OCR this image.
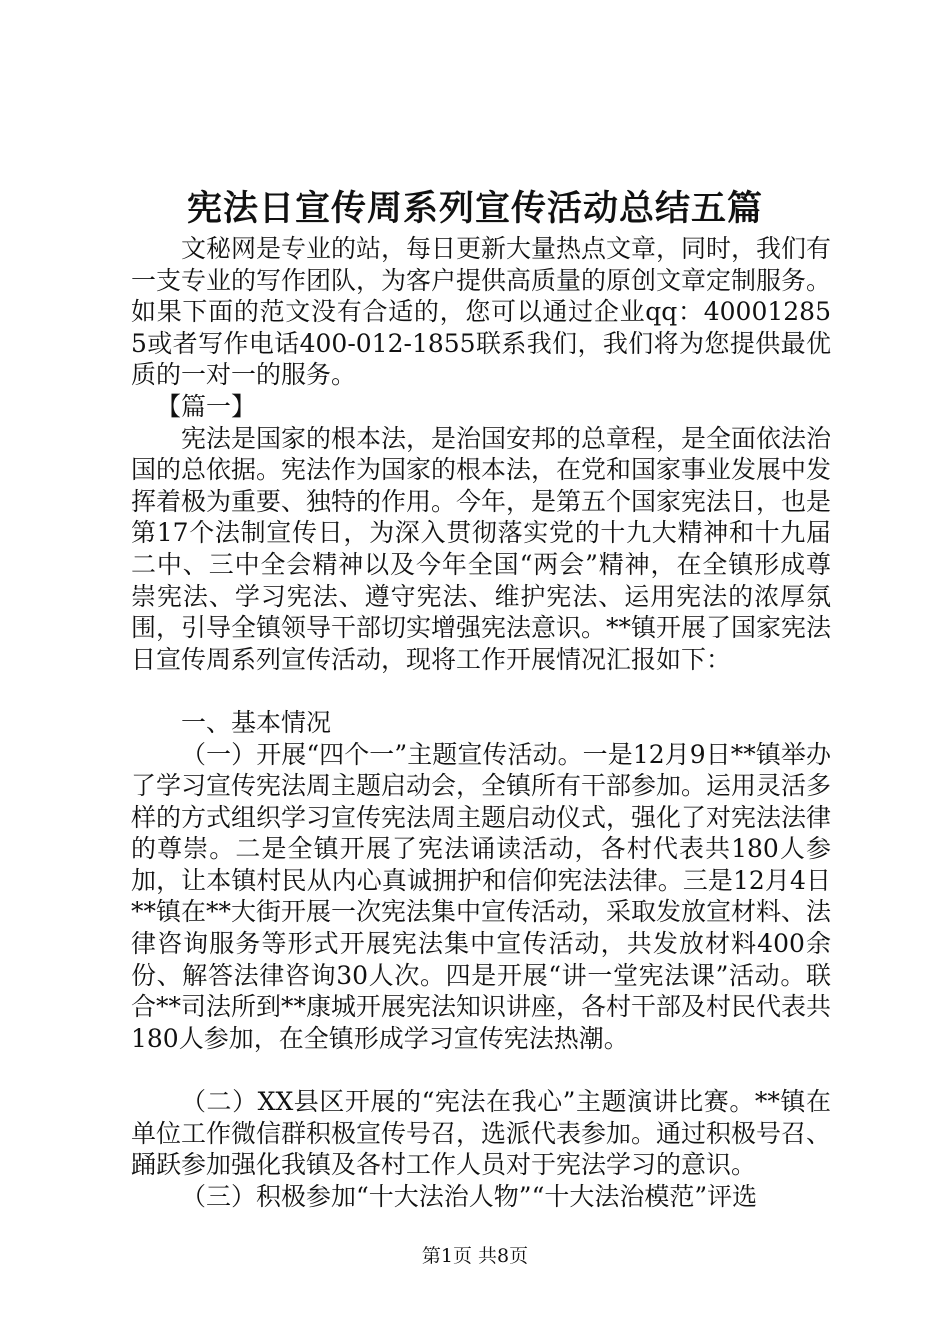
宪法日宣传周系列宣传活动总结五篇

文秘网是专业的站，每日更新大量热点文章，同时，我们有一支专业的写作团队，为客户提供高质量的原创文章定制服务。如果下面的范文没有合适的，您可以通过企业qq：400012855或者写作电话400-012-1855联系我们，我们将为您提供最优质的一对一的服务。

【篇一】

宪法是国家的根本法，是治国安邦的总章程，是全面依法治国的总依据。宪法作为国家的根本法，在党和国家事业发展中发挥着极为重要、独特的作用。今年，是第五个国家宪法日，也是第17个法制宣传日，为深入贯彻落实党的十九大精神和十九届二中、三中全会精神以及今年全国“两会”精神，在全镇形成尊崇宪法、学习宪法、遵守宪法、维护宪法、运用宪法的浓厚氛围，引导全镇领导干部切实增强宪法意识。**镇开展了国家宪法日宣传周系列宣传活动，现将工作开展情况汇报如下：

一、基本情况

（一）开展“四个一”主题宣传活动。一是12月9日**镇举办了学习宣传宪法周主题启动会，全镇所有干部参加。运用灵活多样的方式组织学习宣传宪法周主题启动仪式，强化了对宪法法律的尊崇。二是全镇开展了宪法诵读活动，各村代表共180人参加，让本镇村民从内心真诚拥护和信仰宪法法律。三是12月4日**镇在**大街开展一次宪法集中宣传活动，采取发放宣材料、法律咨询服务等形式开展宪法集中宣传活动，共发放材料400余份、解答法律咨询30人次。四是开展“讲一堂宪法课”活动。联合**司法所到**康城开展宪法知识讲座，各村干部及村民代表共180人参加，在全镇形成学习宣传宪法热潮。

（二）XX县区开展的“宪法在我心”主题演讲比赛。**镇在单位工作微信群积极宣传号召，选派代表参加。通过积极号召、踊跃参加强化我镇及各村工作人员对于宪法学习的意识。

（三）积极参加“十大法治人物”“十大法治模范”评选

第1页 共8页
